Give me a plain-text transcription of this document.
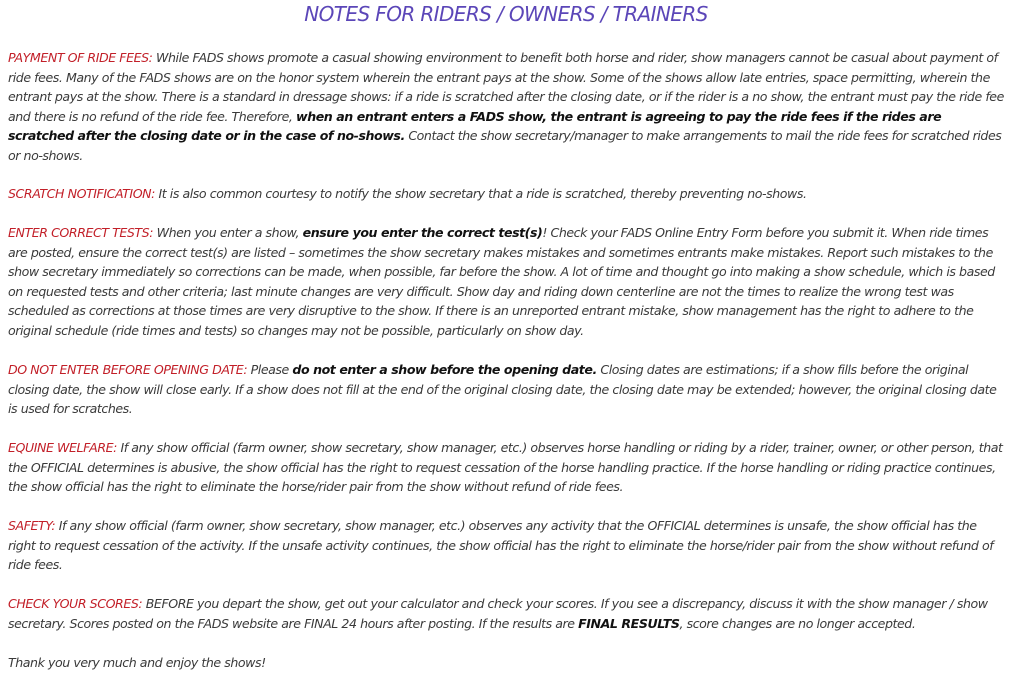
NOTES FOR RIDERS / OWNERS / TRAINERS

PAYMENT OF RIDE FEES: While FADS shows promote a casual showing environment to benefit both horse and rider, show managers cannot be casual about payment of ride fees. Many of the FADS shows are on the honor system wherein the entrant pays at the show. Some of the shows allow late entries, space permitting, wherein the entrant pays at the show. There is a standard in dressage shows: if a ride is scratched after the closing date, or if the rider is a no show, the entrant must pay the ride fee and there is no refund of the ride fee. Therefore, when an entrant enters a FADS show, the entrant is agreeing to pay the ride fees if the rides are scratched after the closing date or in the case of no-shows. Contact the show secretary/manager to make arrangements to mail the ride fees for scratched rides or no-shows.

SCRATCH NOTIFICATION: It is also common courtesy to notify the show secretary that a ride is scratched, thereby preventing no-shows.

ENTER CORRECT TESTS: When you enter a show, ensure you enter the correct test(s)! Check your FADS Online Entry Form before you submit it. When ride times are posted, ensure the correct test(s) are listed – sometimes the show secretary makes mistakes and sometimes entrants make mistakes. Report such mistakes to the show secretary immediately so corrections can be made, when possible, far before the show. A lot of time and thought go into making a show schedule, which is based on requested tests and other criteria; last minute changes are very difficult. Show day and riding down centerline are not the times to realize the wrong test was scheduled as corrections at those times are very disruptive to the show. If there is an unreported entrant mistake, show management has the right to adhere to the original schedule (ride times and tests) so changes may not be possible, particularly on show day.

DO NOT ENTER BEFORE OPENING DATE: Please do not enter a show before the opening date. Closing dates are estimations; if a show fills before the original closing date, the show will close early. If a show does not fill at the end of the original closing date, the closing date may be extended; however, the original closing date is used for scratches.

EQUINE WELFARE: If any show official (farm owner, show secretary, show manager, etc.) observes horse handling or riding by a rider, trainer, owner, or other person, that the OFFICIAL determines is abusive, the show official has the right to request cessation of the horse handling practice. If the horse handling or riding practice continues, the show official has the right to eliminate the horse/rider pair from the show without refund of ride fees.

SAFETY: If any show official (farm owner, show secretary, show manager, etc.) observes any activity that the OFFICIAL determines is unsafe, the show official has the right to request cessation of the activity. If the unsafe activity continues, the show official has the right to eliminate the horse/rider pair from the show without refund of ride fees.

CHECK YOUR SCORES: BEFORE you depart the show, get out your calculator and check your scores. If you see a discrepancy, discuss it with the show manager / show secretary. Scores posted on the FADS website are FINAL 24 hours after posting. If the results are FINAL RESULTS, score changes are no longer accepted.

Thank you very much and enjoy the shows!
